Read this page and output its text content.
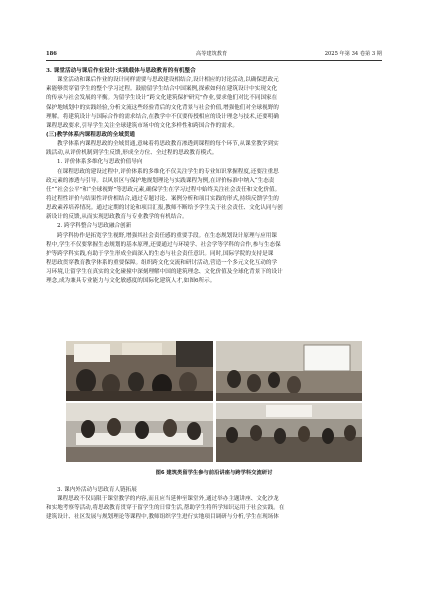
186	高等建筑教育	2025 年第 34 卷第 3 期
3. 课堂活动与课后作业设计:实践载体与思政教育的有机整合
课堂活动和课后作业的设计同样需要与思政建设相结合,设计相应的讨论活动,以确保思政元
素能够贯穿留学生的整个学习过程。鼓励留学生结合中国案例,探索如何在建筑设计中实现文化
的传承与社会发展的平衡。为留学生设计“跨文化建筑保护研究”作业,要求他们对比不同国家在
保护地域划中的实践经验,分析文流这些经验背后的文化背景与社会价值,增强他们对全球视野的
理解。将建筑设计与国际合作的需求结合,在教学中不仅要传授相应的设计理念与技术,还要明确
课程思政要求,引导学生关注全球建筑市场中的文化多样性和跨国合作的需求。
(三)教学体系内课程思政的全域贯通
教学体系内课程思政的全域贯通,意味着将思政教育渗透到课程的每个环节,从课堂教学到实
践活动,从评价机制到学生反馈,形成全方位、全过程的思政教育模式。
1. 评价体系多维化与思政价值导向
在课程思政的建设过程中,评价体系的多维化不仅关注学生的专业知识掌握程度,还要注重思
政元素的渗透与引导。以风景区与保护地规划理论与实践课程为例,在评价标准中纳入“生态责
任”“社会公平”和“全球视野”等思政元素,确保学生在学习过程中始终关注社会责任和文化价值。
将过程性评价与结果性评价相结合,通过专题讨论、案例分析和项目实践的形式,持续反馈学生的
思政素养培养情况。通过定期的讨论和项目汇报,教师不断给予学生关于社会责任、文化认同与创
新设计的反馈,从而实现思政教育与专业教学的有机结合。
2. 跨学科整合与思政融合创新
跨学科协作是拓宽学生视野,增强其社会责任感的重要手段。在生态规划设计原理与应用课
程中,学生不仅要掌握生态规划的基本原理,还要通过与环境学、社会学等学科的合作,参与生态保
护等跨学科实践,有助于学生形成全面深入的生态与社会责任意识。同时,国际学院的支持是课
程思政贯穿教育教学体系的重要保障。组织跨文化交流和研讨活动,营造一个多元文化互动的学
习环境,让留学生在真实的文化碰撞中深刻理解中国的建筑理念、文化价值及全球化背景下的设计
理念,成为兼具专业能力与文化敏感度的国际化建筑人才,如图6所示。
图6 建筑类留学生参与前沿讲座与跨学科交流研讨
3. 课内外活动与思政育人链拓展
课程思政不仅局限于课堂教学的内容,而且应当延伸至课堂外,通过举办主题讲座、文化沙龙
和实地考察等活动,将思政教育贯穿于留学生的日常生活,帮助学生将所学知识运用于社会实践。在
建筑设计、社区发展与规划理论等课程中,教师组织学生进行实地项目调研与分析,学生在现场体
